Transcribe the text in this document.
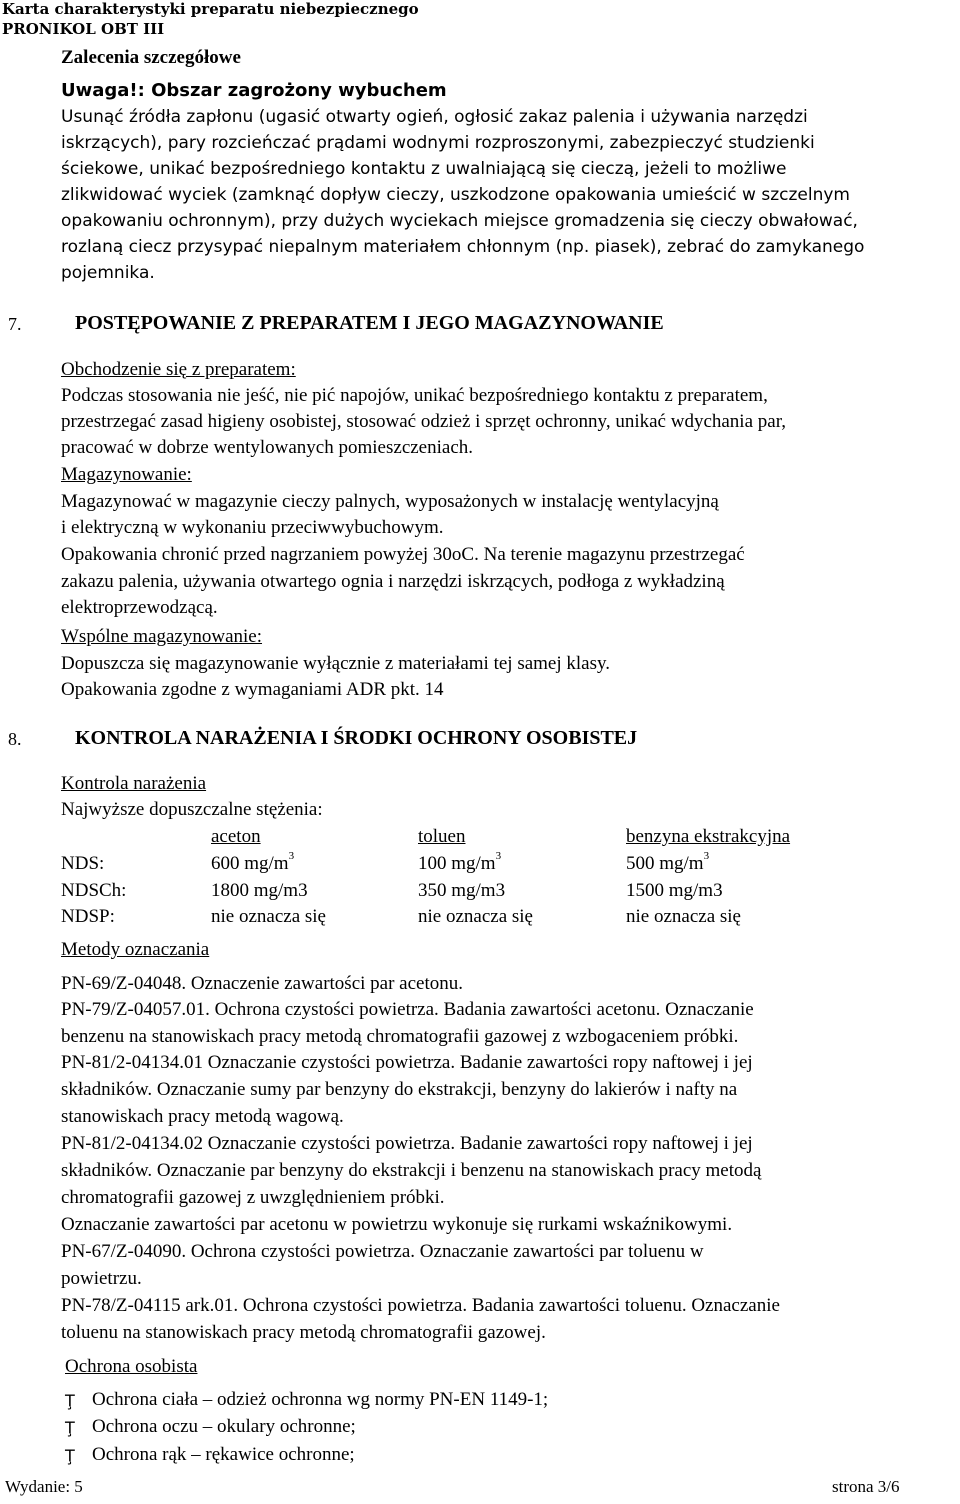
Karta charakterystyki preparatu niebezpiecznego
PRONIKOL OBT III
Zalecenia szczegółowe
Uwaga!: Obszar zagrożony wybuchem
Usunąć źródła zapłonu (ugasić otwarty ogień, ogłosić zakaz palenia i używania narzędzi
iskrzących), pary rozcieńczać prądami wodnymi rozproszonymi, zabezpieczyć studzienki
ściekowe, unikać bezpośredniego kontaktu z uwalniającą się cieczą, jeżeli to możliwe
zlikwidować wyciek (zamknąć dopływ cieczy, uszkodzone opakowania umieścić w szczelnym
opakowaniu ochronnym), przy dużych wyciekach miejsce gromadzenia się cieczy obwałować,
rozlaną ciecz przysypać niepalnym materiałem chłonnym (np. piasek), zebrać do zamykanego
pojemnika.
7.	POSTĘPOWANIE Z PREPARATEM I JEGO MAGAZYNOWANIE
Obchodzenie się z preparatem:
Podczas stosowania nie jeść, nie pić napojów, unikać bezpośredniego kontaktu z preparatem,
przestrzegać zasad higieny osobistej, stosować odzież i sprzęt ochronny, unikać wdychania par,
pracować w dobrze wentylowanych pomieszczeniach.
Magazynowanie:
Magazynować w magazynie cieczy palnych, wyposażonych w instalację wentylacyjną
i elektryczną w wykonaniu przeciwwybuchowym.
Opakowania chronić przed nagrzaniem powyżej 30oC. Na terenie magazynu przestrzegać
zakazu palenia, używania otwartego ognia i narzędzi iskrzących, podłoga z wykładziną
elektroprzewodzącą.
Wspólne magazynowanie:
Dopuszcza się magazynowanie wyłącznie z materiałami tej samej klasy.
Opakowania zgodne z wymaganiami ADR pkt. 14
8.	KONTROLA NARAŻENIA I ŚRODKI OCHRONY OSOBISTEJ
Kontrola narażenia
Najwyższe dopuszczalne stężenia:
aceton	toluen	benzyna ekstrakcyjna
NDS:	600 $mg/m^3$	100 $mg/m^3$	500 $mg/m^3$
NDSCh:	1800 mg/m3	350 mg/m3	1500 mg/m3
NDSP:	nie oznacza się	nie oznacza się	nie oznacza się
Metody oznaczania
PN-69/Z-04048. Oznaczenie zawartości par acetonu.
PN-79/Z-04057.01. Ochrona czystości powietrza. Badania zawartości acetonu. Oznaczanie
benzenu na stanowiskach pracy metodą chromatografii gazowej z wzbogaceniem próbki.
PN-81/2-04134.01 Oznaczanie czystości powietrza. Badanie zawartości ropy naftowej i jej
składników. Oznaczanie sumy par benzyny do ekstrakcji, benzyny do lakierów i nafty na
stanowiskach pracy metodą wagową.
PN-81/2-04134.02 Oznaczanie czystości powietrza. Badanie zawartości ropy naftowej i jej
składników. Oznaczanie par benzyny do ekstrakcji i benzenu na stanowiskach pracy metodą
chromatografii gazowej z uwzględnieniem próbki.
Oznaczanie zawartości par acetonu w powietrzu wykonuje się rurkami wskaźnikowymi.
PN-67/Z-04090. Ochrona czystości powietrza. Oznaczanie zawartości par toluenu w
powietrzu.
PN-78/Z-04115 ark.01. Ochrona czystości powietrza. Badania zawartości toluenu. Oznaczanie
toluenu na stanowiskach pracy metodą chromatografii gazowej.
Ochrona osobista
Ţ Ochrona ciała – odzież ochronna wg normy PN-EN 1149-1;
Ţ Ochrona oczu – okulary ochronne;
Ţ Ochrona rąk – rękawice ochronne;
Wydanie: 5	strona 3/6
